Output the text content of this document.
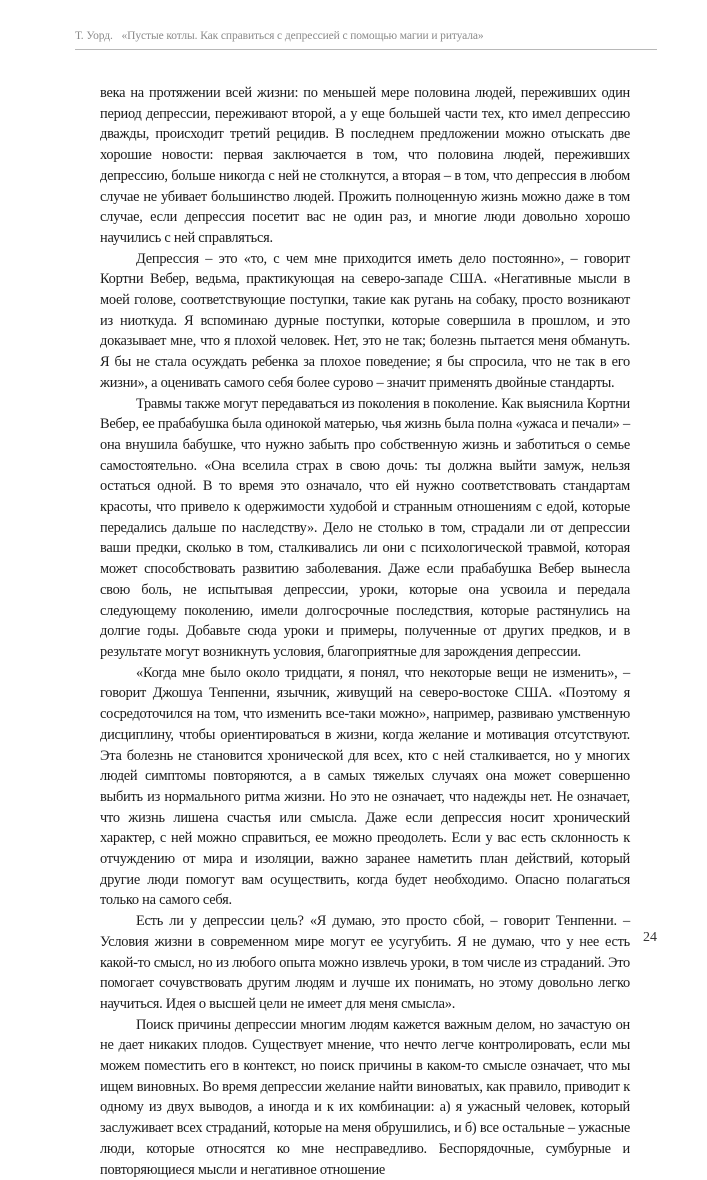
Т. Уорд. «Пустые котлы. Как справиться с депрессией с помощью магии и ритуала»

века на протяжении всей жизни: по меньшей мере половина людей, переживших один период депрессии, переживают второй, а у еще большей части тех, кто имел депрессию дважды, происходит третий рецидив. В последнем предложении можно отыскать две хорошие новости: первая заключается в том, что половина людей, переживших депрессию, больше никогда с ней не столкнутся, а вторая – в том, что депрессия в любом случае не убивает большинство людей. Прожить полноценную жизнь можно даже в том случае, если депрессия посетит вас не один раз, и многие люди довольно хорошо научились с ней справляться.

Депрессия – это «то, с чем мне приходится иметь дело постоянно», – говорит Кортни Вебер, ведьма, практикующая на северо-западе США. «Негативные мысли в моей голове, соответствующие поступки, такие как ругань на собаку, просто возникают из ниоткуда. Я вспоминаю дурные поступки, которые совершила в прошлом, и это доказывает мне, что я плохой человек. Нет, это не так; болезнь пытается меня обмануть. Я бы не стала осуждать ребенка за плохое поведение; я бы спросила, что не так в его жизни», а оценивать самого себя более сурово – значит применять двойные стандарты.

Травмы также могут передаваться из поколения в поколение. Как выяснила Кортни Вебер, ее прабабушка была одинокой матерью, чья жизнь была полна «ужаса и печали» – она внушила бабушке, что нужно забыть про собственную жизнь и заботиться о семье самостоятельно. «Она вселила страх в свою дочь: ты должна выйти замуж, нельзя остаться одной. В то время это означало, что ей нужно соответствовать стандартам красоты, что привело к одержимости худобой и странным отношениям с едой, которые передались дальше по наследству». Дело не столько в том, страдали ли от депрессии ваши предки, сколько в том, сталкивались ли они с психологической травмой, которая может способствовать развитию заболевания. Даже если прабабушка Вебер вынесла свою боль, не испытывая депрессии, уроки, которые она усвоила и передала следующему поколению, имели долгосрочные последствия, которые растянулись на долгие годы. Добавьте сюда уроки и примеры, полученные от других предков, и в результате могут возникнуть условия, благоприятные для зарождения депрессии.

«Когда мне было около тридцати, я понял, что некоторые вещи не изменить», – говорит Джошуа Тенпенни, язычник, живущий на северо-востоке США. «Поэтому я сосредоточился на том, что изменить все-таки можно», например, развиваю умственную дисциплину, чтобы ориентироваться в жизни, когда желание и мотивация отсутствуют. Эта болезнь не становится хронической для всех, кто с ней сталкивается, но у многих людей симптомы повторяются, а в самых тяжелых случаях она может совершенно выбить из нормального ритма жизни. Но это не означает, что надежды нет. Не означает, что жизнь лишена счастья или смысла. Даже если депрессия носит хронический характер, с ней можно справиться, ее можно преодолеть. Если у вас есть склонность к отчуждению от мира и изоляции, важно заранее наметить план действий, который другие люди помогут вам осуществить, когда будет необходимо. Опасно полагаться только на самого себя.

Есть ли у депрессии цель? «Я думаю, это просто сбой, – говорит Тенпенни. – Условия жизни в современном мире могут ее усугубить. Я не думаю, что у нее есть какой-то смысл, но из любого опыта можно извлечь уроки, в том числе из страданий. Это помогает сочувствовать другим людям и лучше их понимать, но этому довольно легко научиться. Идея о высшей цели не имеет для меня смысла».

Поиск причины депрессии многим людям кажется важным делом, но зачастую он не дает никаких плодов. Существует мнение, что нечто легче контролировать, если мы можем поместить его в контекст, но поиск причины в каком-то смысле означает, что мы ищем виновных. Во время депрессии желание найти виноватых, как правило, приводит к одному из двух выводов, а иногда и к их комбинации: а) я ужасный человек, который заслуживает всех страданий, которые на меня обрушились, и б) все остальные – ужасные люди, которые относятся ко мне несправедливо. Беспорядочные, сумбурные и повторяющиеся мысли и негативное отношение

24
